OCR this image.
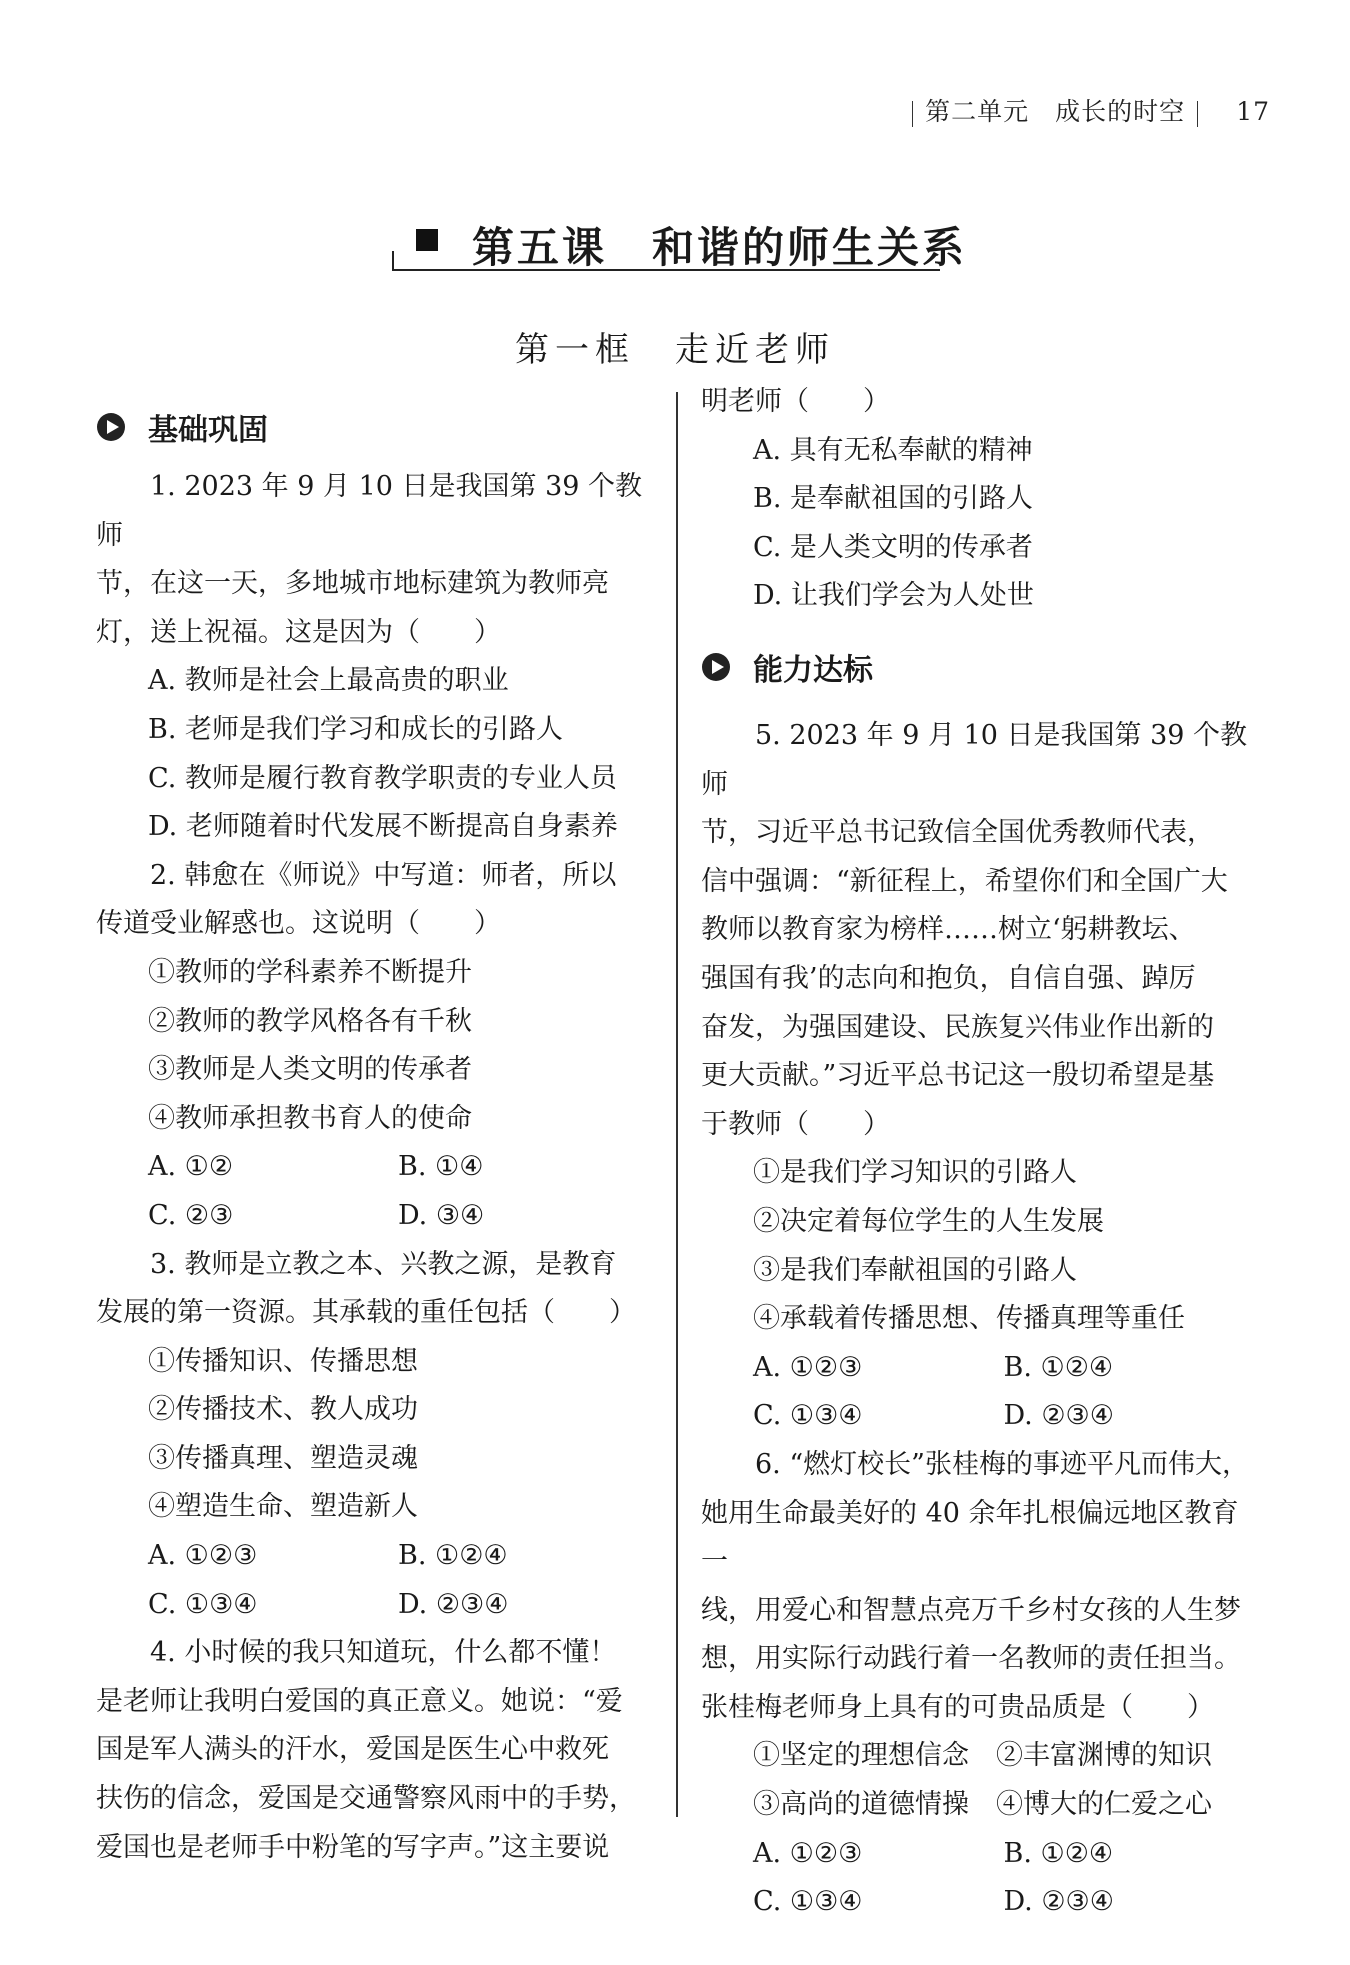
第二单元　 成长的时空　 17
第五课　和谐的师生关系
第一框　走近老师
基础巩固
能力达标

1. 2023 年 9 月 10 日是我国第 39 个教师

节，在这一天，多地城市地标建筑为教师亮

灯，送上祝福。这是因为（　　）

A. 教师是社会上最高贵的职业

B. 老师是我们学习和成长的引路人

C. 教师是履行教育教学职责的专业人员

D. 老师随着时代发展不断提高自身素养

2. 韩愈在《师说》中写道：师者，所以

传道受业解惑也。这说明（　　）

①教师的学科素养不断提升

②教师的教学风格各有千秋

③教师是人类文明的传承者

④教师承担教书育人的使命

A. ①②	B. ①④

C. ②③	D. ③④

3. 教师是立教之本、兴教之源，是教育

发展的第一资源。其承载的重任包括（　　）

①传播知识、传播思想

②传播技术、教人成功

③传播真理、塑造灵魂

④塑造生命、塑造新人

A. ①②③	B. ①②④

C. ①③④	D. ②③④

4. 小时候的我只知道玩，什么都不懂！

是老师让我明白爱国的真正意义。她说：“爱

国是军人满头的汗水，爱国是医生心中救死

扶伤的信念，爱国是交通警察风雨中的手势，

爱国也是老师手中粉笔的写字声。”这主要说

明老师（　　）

A. 具有无私奉献的精神

B. 是奉献祖国的引路人

C. 是人类文明的传承者

D. 让我们学会为人处世

5. 2023 年 9 月 10 日是我国第 39 个教师

节，习近平总书记致信全国优秀教师代表，

信中强调：“新征程上，希望你们和全国广大

教师以教育家为榜样……树立‘躬耕教坛、

强国有我’的志向和抱负，自信自强、踔厉

奋发，为强国建设、民族复兴伟业作出新的

更大贡献。”习近平总书记这一殷切希望是基

于教师（　　）

①是我们学习知识的引路人

②决定着每位学生的人生发展

③是我们奉献祖国的引路人

④承载着传播思想、传播真理等重任

A. ①②③	B. ①②④

C. ①③④	D. ②③④

6. “燃灯校长”张桂梅的事迹平凡而伟大，

她用生命最美好的 40 余年扎根偏远地区教育一

线，用爱心和智慧点亮万千乡村女孩的人生梦

想，用实际行动践行着一名教师的责任担当。

张桂梅老师身上具有的可贵品质是（　　）

①坚定的理想信念　②丰富渊博的知识

③高尚的道德情操　④博大的仁爱之心

A. ①②③	B. ①②④

C. ①③④	D. ②③④
